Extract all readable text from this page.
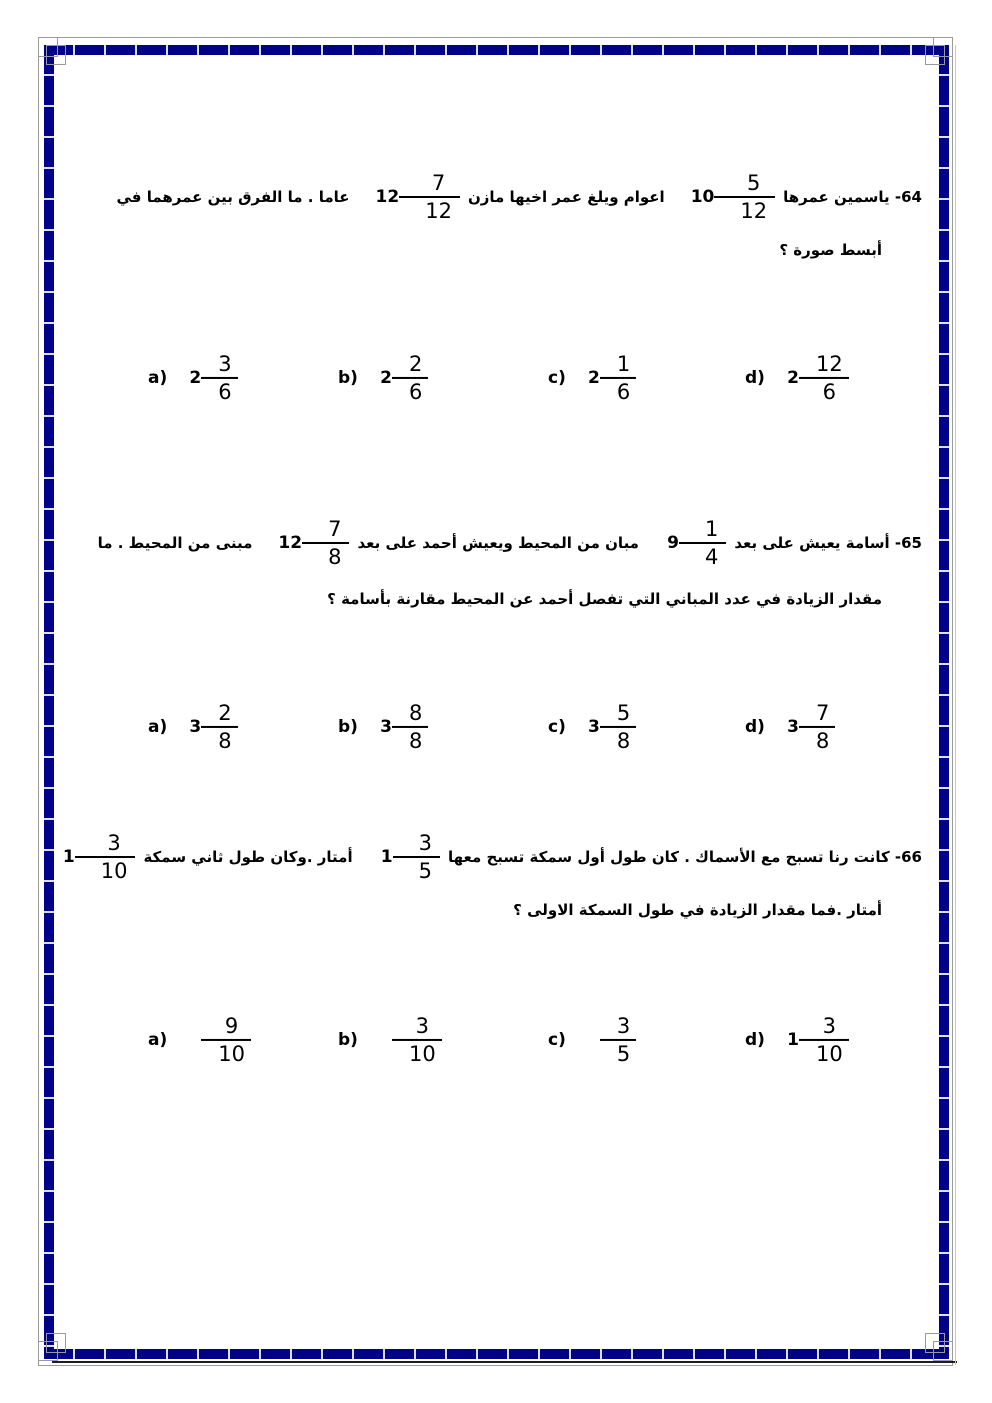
64- ياسمين عمرها
$10 \frac{5}{12}$
اعوام ويلغ عمر اخيها مازن
$12 \frac{7}{12}$
عاما . ما الفرق بين عمرهما في
أبسط صورة ؟
a) $2 \frac{3}{6}$	b) $2 \frac{2}{6}$	c) $2 \frac{1}{6}$	d) $2 \frac{12}{6}$
65- أسامة يعيش على بعد
$9 \frac{1}{4}$
مبان من المحيط ويعيش أحمد على بعد
$12 \frac{7}{8}$
مبنى من المحيط . ما
مقدار الزيادة في عدد المباني التي تفصل أحمد عن المحيط مقارنة بأسامة ؟
a) $3 \frac{2}{8}$	b) $3 \frac{8}{8}$	c) $3 \frac{5}{8}$	d) $3 \frac{7}{8}$
66- كانت رنا تسبح مع الأسماك . كان طول أول سمكة تسبح معها
$1 \frac{3}{5}$
أمتار .وكان طول ثاني سمكة
$1 \frac{3}{10}$
أمتار .فما مقدار الزيادة في طول السمكة الاولى ؟
$a) \frac{9}{10}$	$b) \frac{3}{10}$	$c) \frac{3}{5}$	d) $1 \frac{3}{10}$
